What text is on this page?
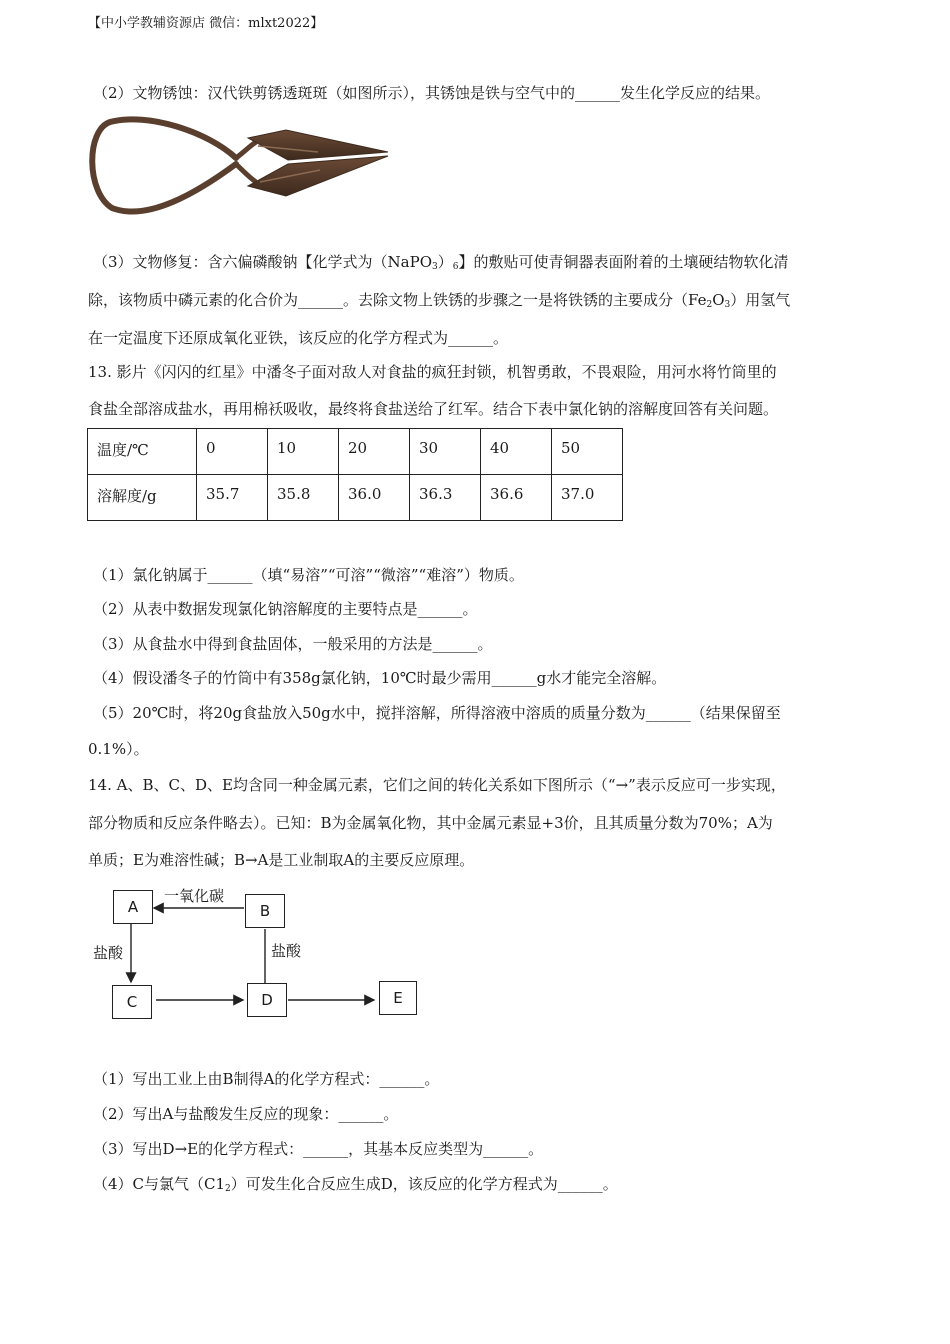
【中小学教辅资源店 微信：mlxt2022】
（2）文物锈蚀：汉代铁剪锈透斑斑（如图所示），其锈蚀是铁与空气中的______发生化学反应的结果。
（3）文物修复：含六偏磷酸钠【化学式为$(NaPO_3)_6$】的敷贴可使青铜器表面附着的土壤硬结物软化清
除，该物质中磷元素的化合价为______。去除文物上铁锈的步骤之一是将铁锈的主要成分$(Fe_2O_3)$用氢气
在一定温度下还原成氧化亚铁，该反应的化学方程式为______。
13. 影片《闪闪的红星》中潘冬子面对敌人对食盐的疯狂封锁，机智勇敢，不畏艰险，用河水将竹筒里的
食盐全部溶成盐水，再用棉袄吸收，最终将食盐送给了红军。结合下表中氯化钠的溶解度回答有关问题。
温度/℃	0	10	20	30	40	50
溶解度/g	35.7	35.8	36.0	36.3	36.6	37.0
（1）氯化钠属于______（填“易溶”“可溶”“微溶”“难溶”）物质。
（2）从表中数据发现氯化钠溶解度的主要特点是______。
（3）从食盐水中得到食盐固体，一般采用的方法是______。
（4）假设潘冬子的竹筒中有358g氯化钠，10℃时最少需用______g水才能完全溶解。
（5）20℃时，将20g食盐放入50g水中，搅拌溶解，所得溶液中溶质的质量分数为______（结果保留至
0.1%）。
14. A、B、C、D、E均含同一种金属元素，它们之间的转化关系如下图所示（“→”表示反应可一步实现，
部分物质和反应条件略去）。已知：B为金属氧化物，其中金属元素显+3价，且其质量分数为70%；A为
单质；E为难溶性碱；B→A是工业制取A的主要反应原理。
A	B
C	D	E
一氧化碳
盐酸	盐酸
（1）写出工业上由B制得A的化学方程式：______。
（2）写出A与盐酸发生反应的现象：______。
（3）写出D→E的化学方程式：______，其基本反应类型为______。
（4）C与氯气$(C1_2)$可发生化合反应生成D，该反应的化学方程式为______。
